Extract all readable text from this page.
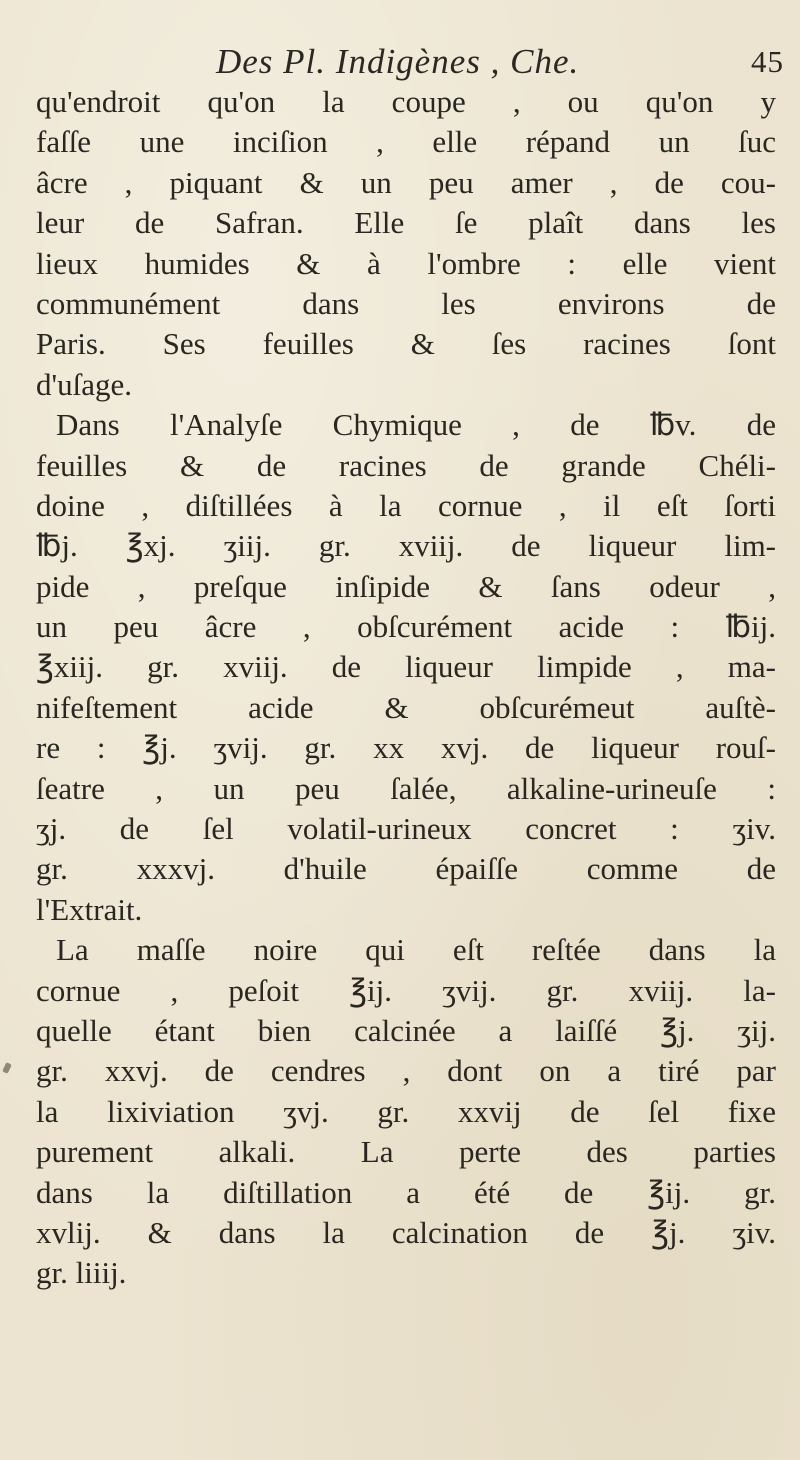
Des Pl. Indigènes , Che.	45
qu'endroit qu'on la coupe , ou qu'on y
faſſe une inciſion , elle répand un ſuc
âcre , piquant & un peu amer , de cou-
leur de Safran. Elle ſe plaît dans les
lieux humides & à l'ombre : elle vient
communément dans les environs de
Paris. Ses feuilles & ſes racines ſont
d'uſage.
Dans l'Analyſe Chymique , de ℔v. de
feuilles & de racines de grande Chéli-
doine , diſtillées à la cornue , il eſt ſorti
℔j. ℥xj. ʒiij. gr. xviij. de liqueur lim-
pide , preſque inſipide & ſans odeur ,
un peu âcre , obſcurément acide : ℔ij.
℥xiij. gr. xviij. de liqueur limpide , ma-
nifeſtement acide & obſcurémeut auſtè-
re : ℥j. ʒvij. gr. xx xvj. de liqueur rouſ-
ſeatre , un peu ſalée, alkaline-urineuſe :
ʒj. de ſel volatil-urineux concret : ʒiv.
gr. xxxvj. d'huile épaiſſe comme de
l'Extrait.
La maſſe noire qui eſt reſtée dans la
cornue , peſoit ℥ij. ʒvij. gr. xviij. la-
quelle étant bien calcinée a laiſſé ℥j. ʒij.
gr. xxvj. de cendres , dont on a tiré par
la lixiviation ʒvj. gr. xxvij de ſel fixe
purement alkali. La perte des parties
dans la diſtillation a été de ℥ij. gr.
xvlij. & dans la calcination de ℥j. ʒiv.
gr. liiij.
